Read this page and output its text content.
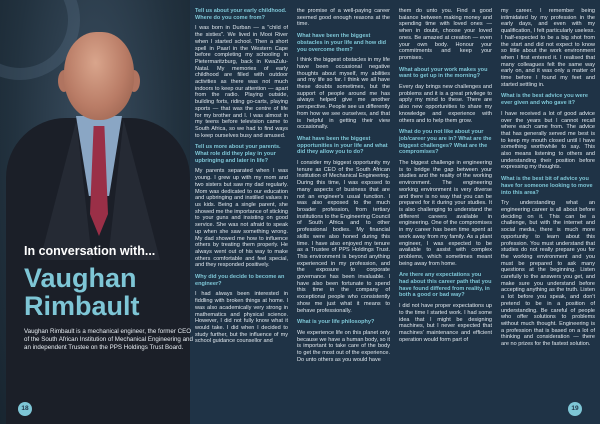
In conversation with...
Vaughan
Rimbault
Vaughan Rimbault is a mechanical engineer, the former CEO of the South African Institution of Mechanical Engineering and an independent Trustee on the PPS Holdings Trust Board.
18	19
Tell us about your early childhood. Where do you come from?

I was born in Durban — a "child of the sixties". We lived in Mooi River when I started school. Then a short spell in Paarl in the Western Cape before completing my schooling in Pietermaritzburg, back in KwaZulu-Natal. My memories of early childhood are filled with outdoor activities as there was not much indoors to keep our attention — apart from the radio. Playing outside, building forts, riding go-carts, playing sports — that was the centre of life for my brother and I. I was almost in my teens before television came to South Africa, so we had to find ways to keep ourselves busy and amused.

Tell us more about your parents. What role did they play in your upbringing and later in life?

My parents separated when I was young. I grew up with my mom and two sisters but saw my dad regularly. Mom was dedicated to our education and upbringing and instilled values in us kids. Being a single parent, she showed me the importance of sticking to your guns and insisting on good service. She was not afraid to speak up when she saw something wrong. My dad showed me how to influence others by treating them properly. He always went out of his way to make others comfortable and feel special, and they responded positively.

Why did you decide to become an engineer?

I had always been interested in fiddling with broken things at home. I was also academically very strong in mathematics and physical science. However, I did not fully know what it would take. I did when I decided to study further, but the influence of my school guidance counsellor and

the promise of a well-paying career seemed good enough reasons at the time.

What have been the biggest obstacles in your life and how did you overcome them?

I think the biggest obstacles in my life have been occasional negative thoughts about myself, my abilities and my life so far. I think we all have these doubts sometimes, but the support of people around me has always helped give me another perspective. People see us differently from how we see ourselves, and that is helpful in getting their view occasionally.

What have been the biggest opportunities in your life and what did they allow you to do?

I consider my biggest opportunity my tenure as CEO of the South African Institution of Mechanical Engineering. During this time, I was exposed to many aspects of business that are not an engineer's usual function. I was also exposed to the much broader profession, from tertiary institutions to the Engineering Council of South Africa and to other professional bodies. My financial skills were also honed during this time. I have also enjoyed my tenure as a Trustee of PPS Holdings Trust. This environment is beyond anything experienced in my profession, and the exposure to corporate governance has been invaluable. I have also been fortunate to spend this time in the company of exceptional people who consistently show me just what it means to behave professionally.

What is your life philosophy?

We experience life on this planet only because we have a human body, so it is important to take care of the body to get the most out of the experience. Do unto others as you would have

them do unto you. Find a good balance between making money and spending time with loved ones — when in doubt, choose your loved ones. Be amazed at creation — even your own body. Honour your commitments and keep your promises.

What about your work makes you want to get up in the morning?

Every day brings new challenges and problems and it is a great privilege to apply my mind to these. There are also new opportunities to share my knowledge and experience with others and to help them grow.

What do you not like about your job/career you are in? What are the biggest challenges? What are the compromises?

The biggest challenge in engineering is to bridge the gap between your studies and the reality of the working environment. The engineering working environment is very diverse and there is no way that you can be prepared for it during your studies. It is also challenging to understand the different careers available in engineering. One of the compromises in my career has been time spent at work away from my family. As a plant engineer, I was expected to be available to assist with complex problems, which sometimes meant being away from home.

Are there any expectations you had about this career path that you have found differed from reality, in both a good or bad way?

I did not have proper expectations up to the time I started work. I had some idea that I might be designing machines, but I never expected that machines' maintenance and efficient operation would form part of

my career. I remember being intimidated by my profession in the early days, and even with my qualification, I felt particularly useless. I half-expected to be a big shot from the start and did not expect to know so little about the work environment when I first entered it. I realised that many colleagues felt the same way early on, and it was only a matter of time before I found my feet and started settling in.

What is the best advice you were ever given and who gave it?

I have received a lot of good advice over the years but I cannot recall where each came from. The advice that has generally served me best is to keep my mouth closed until I have something worthwhile to say. This also means listening to others and understanding their position before expressing my thoughts.

What is the best bit of advice you have for someone looking to move into this area?

Try understanding what an engineering career is all about before deciding on it. This can be a challenge, but with the internet and social media, there is much more opportunity to learn about this profession. You must understand that studies do not really prepare you for the working environment and you must be prepared to ask many questions at the beginning. Listen carefully to the answers you get, and make sure you understand before accepting anything as the truth. Listen a lot before you speak, and don't pretend to be in a position of understanding. Be careful of people who offer solutions to problems without much thought. Engineering is a profession that is based on a lot of thinking and consideration — there are no prizes for the fastest solution.
